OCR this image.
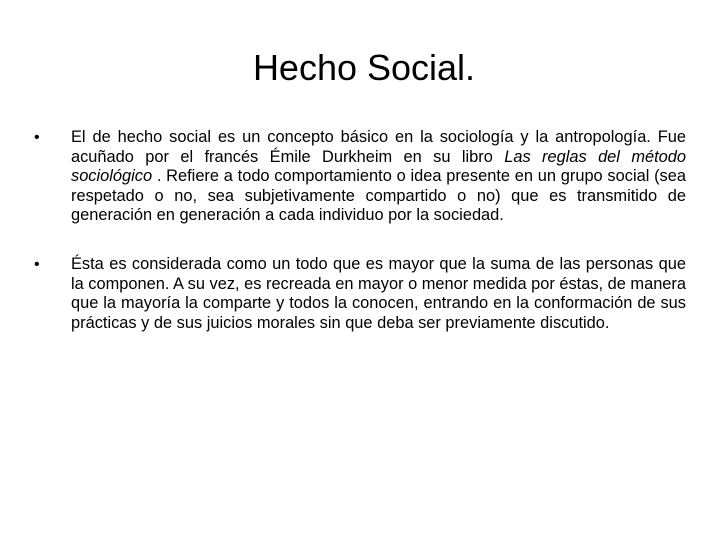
Hecho Social.
• El de hecho social es un concepto básico en la sociología y la antropología. Fue acuñado por el francés Émile Durkheim en su libro Las reglas del método sociológico . Refiere a todo comportamiento o idea presente en un grupo social (sea respetado o no, sea subjetivamente compartido o no) que es transmitido de generación en generación a cada individuo por la sociedad.
• Ésta es considerada como un todo que es mayor que la suma de las personas que la componen. A su vez, es recreada en mayor o menor medida por éstas, de manera que la mayoría la comparte y todos la conocen, entrando en la conformación de sus prácticas y de sus juicios morales sin que deba ser previamente discutido.
